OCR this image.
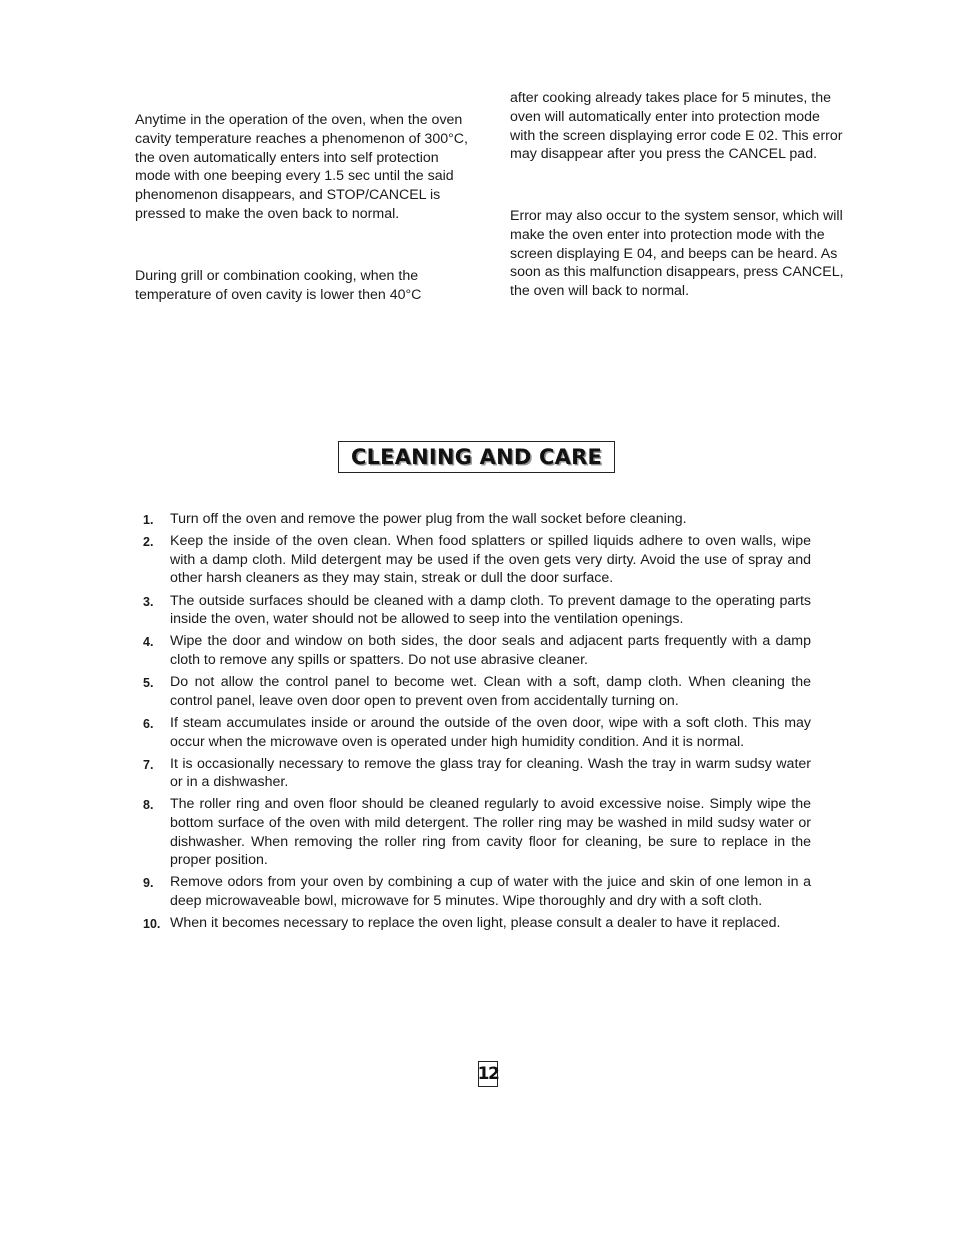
Anytime in the operation of the oven, when the oven cavity temperature reaches a phenomenon of 300°C, the oven automatically enters into self protection mode with one beeping every 1.5 sec until the said phenomenon disappears, and STOP/CANCEL is pressed to make the oven back to normal.

During grill or combination cooking, when the temperature of oven cavity is lower then 40°C

after cooking already takes place for 5 minutes, the oven will automatically enter into protection mode with the screen displaying error code E 02. This error may disappear after you press the CANCEL pad.

Error may also occur to the system sensor, which will make the oven enter into protection mode with the screen displaying E 04, and beeps can be heard. As soon as this malfunction disappears, press CANCEL, the oven will back to normal.

CLEANING AND CARE
1. Turn off the oven and remove the power plug from the wall socket before cleaning.
2. Keep the inside of the oven clean. When food splatters or spilled liquids adhere to oven walls, wipe with a damp cloth. Mild detergent may be used if the oven gets very dirty. Avoid the use of spray and other harsh cleaners as they may stain, streak or dull the door surface.
3. The outside surfaces should be cleaned with a damp cloth. To prevent damage to the operating parts inside the oven, water should not be allowed to seep into the ventilation openings.
4. Wipe the door and window on both sides, the door seals and adjacent parts frequently with a damp cloth to remove any spills or spatters. Do not use abrasive cleaner.
5. Do not allow the control panel to become wet. Clean with a soft, damp cloth. When cleaning the control panel, leave oven door open to prevent oven from accidentally turning on.
6. If steam accumulates inside or around the outside of the oven door, wipe with a soft cloth. This may occur when the microwave oven is operated under high humidity condition. And it is normal.
7. It is occasionally necessary to remove the glass tray for cleaning. Wash the tray in warm sudsy water or in a dishwasher.
8. The roller ring and oven floor should be cleaned regularly to avoid excessive noise. Simply wipe the bottom surface of the oven with mild detergent. The roller ring may be washed in mild sudsy water or dishwasher. When removing the roller ring from cavity floor for cleaning, be sure to replace in the proper position.
9. Remove odors from your oven by combining a cup of water with the juice and skin of one lemon in a deep microwaveable bowl, microwave for 5 minutes. Wipe thoroughly and dry with a soft cloth.
10. When it becomes necessary to replace the oven light, please consult a dealer to have it replaced.
12
